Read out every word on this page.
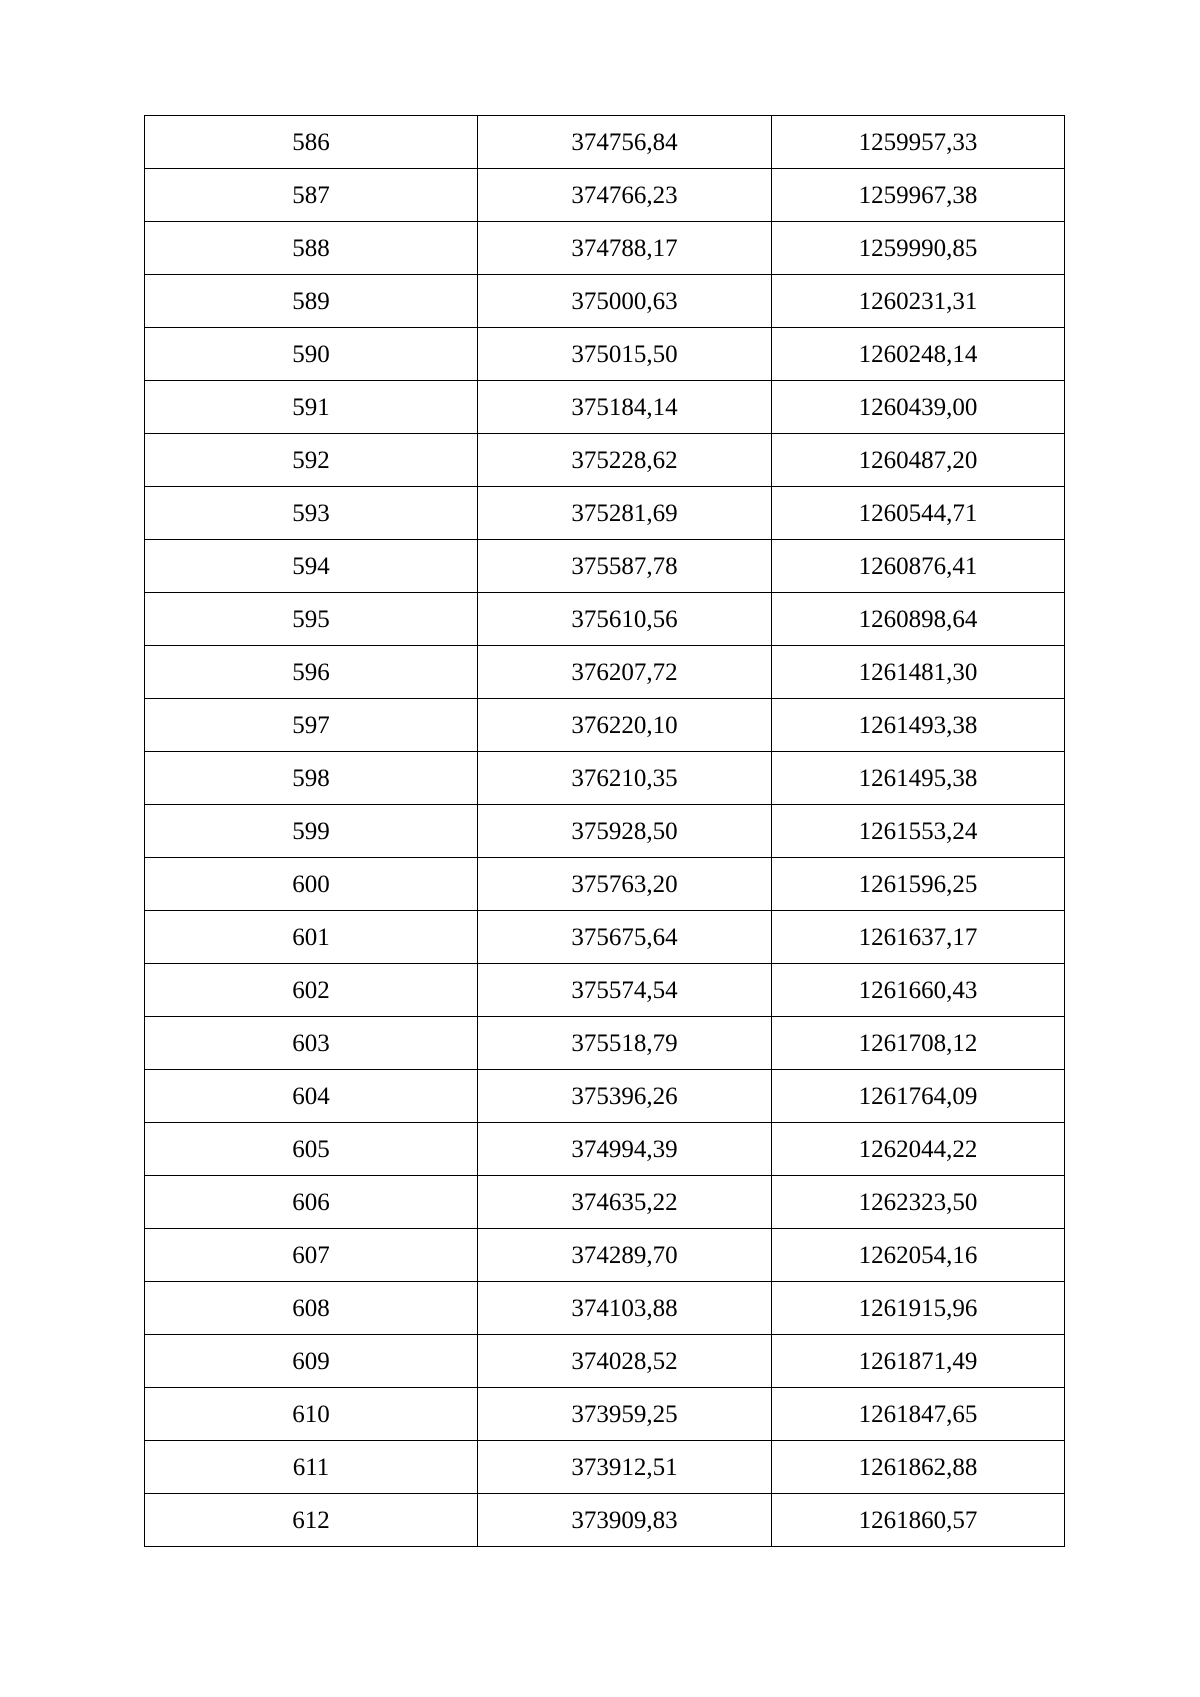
586	374756,84	1259957,33
587	374766,23	1259967,38
588	374788,17	1259990,85
589	375000,63	1260231,31
590	375015,50	1260248,14
591	375184,14	1260439,00
592	375228,62	1260487,20
593	375281,69	1260544,71
594	375587,78	1260876,41
595	375610,56	1260898,64
596	376207,72	1261481,30
597	376220,10	1261493,38
598	376210,35	1261495,38
599	375928,50	1261553,24
600	375763,20	1261596,25
601	375675,64	1261637,17
602	375574,54	1261660,43
603	375518,79	1261708,12
604	375396,26	1261764,09
605	374994,39	1262044,22
606	374635,22	1262323,50
607	374289,70	1262054,16
608	374103,88	1261915,96
609	374028,52	1261871,49
610	373959,25	1261847,65
611	373912,51	1261862,88
612	373909,83	1261860,57
